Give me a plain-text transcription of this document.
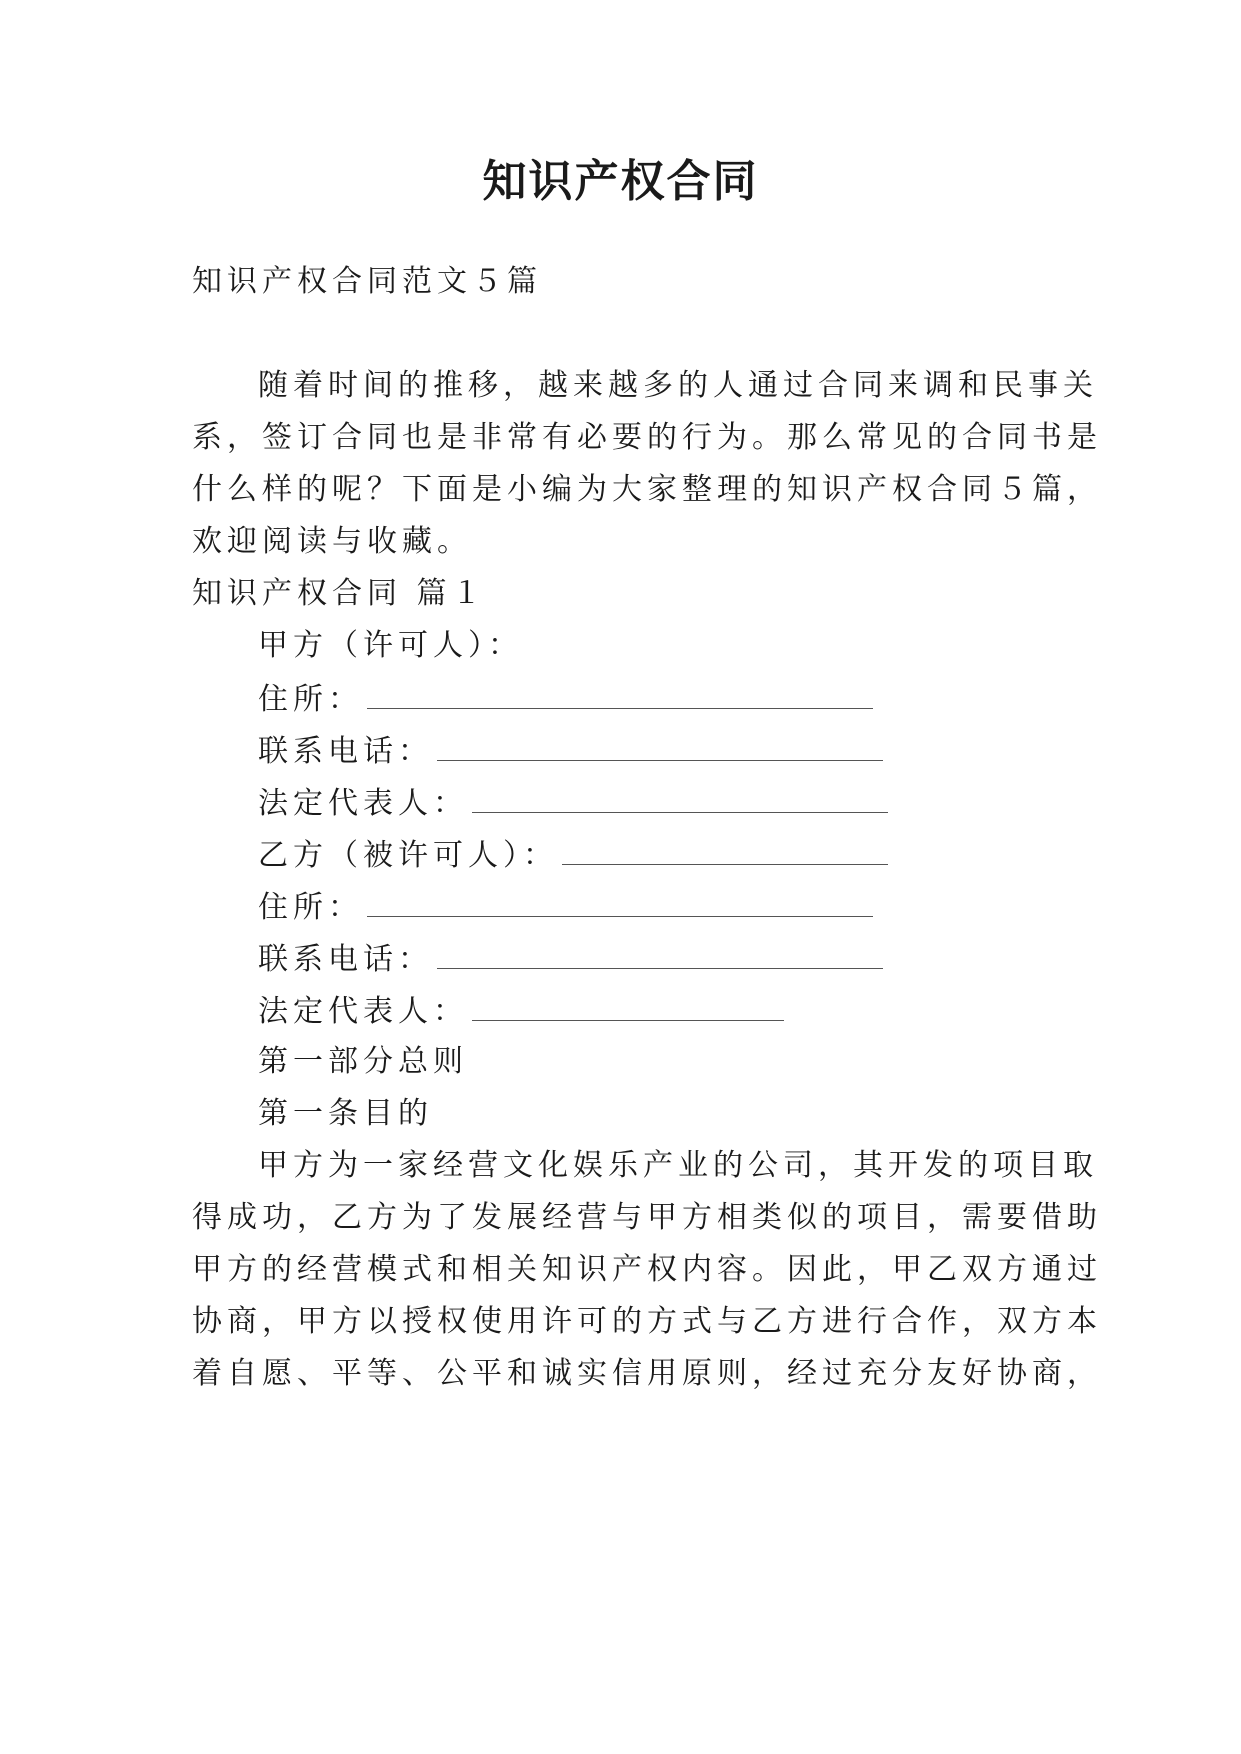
知识产权合同
知识产权合同范文５篇
随着时间的推移，越来越多的人通过合同来调和民事关
系，签订合同也是非常有必要的行为。那么常见的合同书是
什么样的呢？下面是小编为大家整理的知识产权合同５篇，
欢迎阅读与收藏。
知识产权合同 篇１
甲方（许可人）：
住所：
联系电话：
法定代表人：
乙方（被许可人）：
住所：
联系电话：
法定代表人：
第一部分总则
第一条目的
甲方为一家经营文化娱乐产业的公司，其开发的项目取
得成功，乙方为了发展经营与甲方相类似的项目，需要借助
甲方的经营模式和相关知识产权内容。因此，甲乙双方通过
协商，甲方以授权使用许可的方式与乙方进行合作，双方本
着自愿、平等、公平和诚实信用原则，经过充分友好协商，
